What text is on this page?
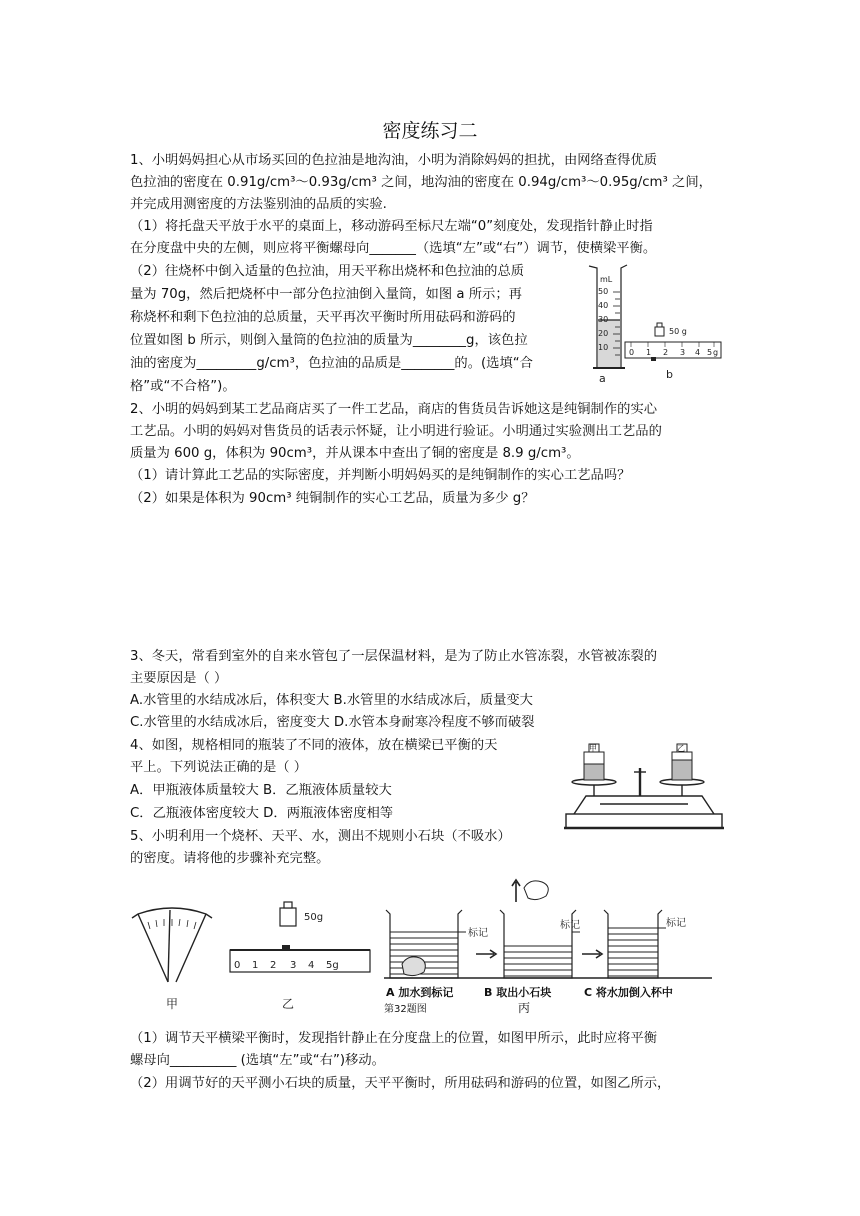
密度练习二
1、小明妈妈担心从市场买回的色拉油是地沟油，小明为消除妈妈的担扰，由网络查得优质
色拉油的密度在 0.91g/cm³～0.93g/cm³ 之间，地沟油的密度在 0.94g/cm³～0.95g/cm³ 之间，
并完成用测密度的方法鉴别油的品质的实验.
（1）将托盘天平放于水平的桌面上，移动游码至标尺左端“0”刻度处，发现指针静止时指
在分度盘中央的左侧，则应将平衡螺母向_______（选填“左”或“右”）调节，使横梁平衡。
（2）往烧杯中倒入适量的色拉油，用天平称出烧杯和色拉油的总质
量为 70g，然后把烧杯中一部分色拉油倒入量筒，如图 a 所示；再
称烧杯和剩下色拉油的总质量，天平再次平衡时所用砝码和游码的
位置如图 b 所示，则倒入量筒的色拉油的质量为________g，该色拉
油的密度为_________g/cm³，色拉油的品质是________的。(选填“合
格”或“不合格”)。
mL
50
40
30
20
10
a
50 g
0 1 2 3 4 5 g
b
2、小明的妈妈到某工艺品商店买了一件工艺品，商店的售货员告诉她这是纯铜制作的实心
工艺品。小明的妈妈对售货员的话表示怀疑，让小明进行验证。小明通过实验测出工艺品的
质量为 600 g，体积为 90cm³，并从课本中查出了铜的密度是 8.9 g/cm³。
（1）请计算此工艺品的实际密度，并判断小明妈妈买的是纯铜制作的实心工艺品吗？
（2）如果是体积为 90cm³ 纯铜制作的实心工艺品，质量为多少 g？
3、冬天，常看到室外的自来水管包了一层保温材料，是为了防止水管冻裂，水管被冻裂的
主要原因是（ ）
A.水管里的水结成冰后，体积变大 B.水管里的水结成冰后，质量变大
C.水管里的水结成冰后，密度变大 D.水管本身耐寒冷程度不够而破裂
4、如图，规格相同的瓶装了不同的液体，放在横梁已平衡的天
平上。下列说法正确的是（ ）
A．甲瓶液体质量较大 B．乙瓶液体质量较大
C．乙瓶液体密度较大 D．两瓶液体密度相等
甲	乙
5、小明利用一个烧杯、天平、水，测出不规则小石块（不吸水）
的密度。请将他的步骤补充完整。
甲
50g
0 1 2 3 4 5g
乙
标记
标记	标记
A 加水到标记	B 取出小石块	C 将水加倒入杯中
第32题图	丙
（1）调节天平横梁平衡时，发现指针静止在分度盘上的位置，如图甲所示，此时应将平衡
螺母向__________ (选填“左”或“右”)移动。
（2）用调节好的天平测小石块的质量，天平平衡时，所用砝码和游码的位置，如图乙所示，
